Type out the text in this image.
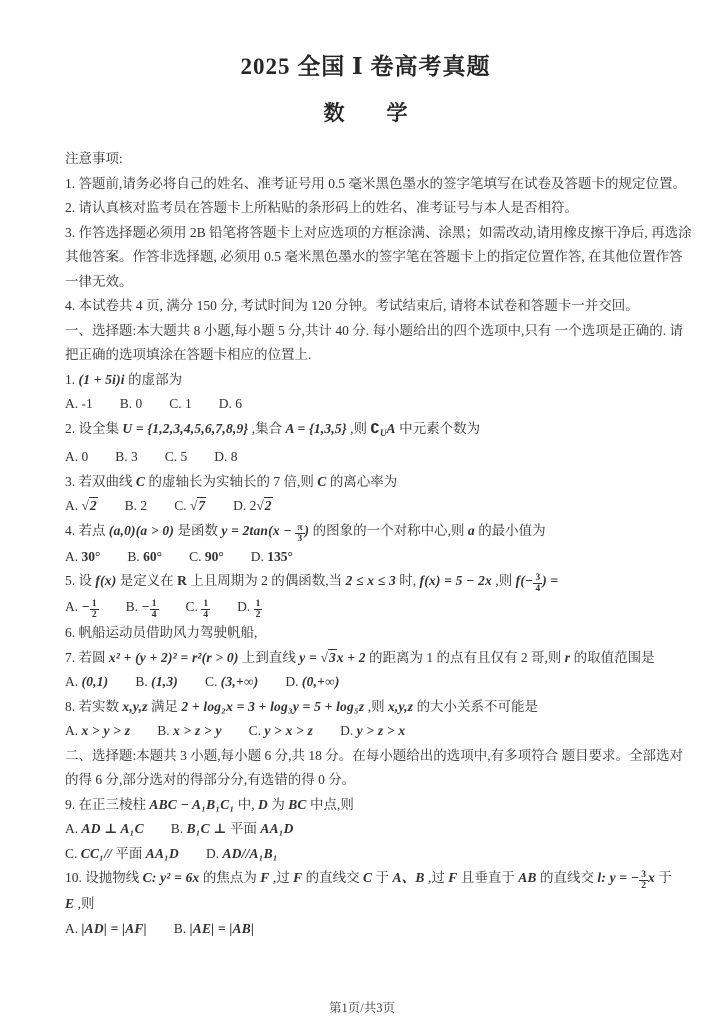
2025 全国 Ⅰ 卷高考真题
数　　学
注意事项:
1. 答题前,请务必将自己的姓名、准考证号用 0.5 毫米黑色墨水的签字笔填写在试卷及答题卡的规定位置。
2. 请认真核对监考员在答题卡上所粘贴的条形码上的姓名、准考证号与本人是否相符。
3. 作答选择题必须用 2B 铅笔将答题卡上对应选项的方框涂满、涂黑；如需改动,请用橡皮擦干净后, 再选涂
其他答案。作答非选择题, 必须用 0.5 毫米黑色墨水的签字笔在答题卡上的指定位置作答, 在其他位置作答
一律无效。
4. 本试卷共 4 页, 满分 150 分, 考试时间为 120 分钟。考试结束后, 请将本试卷和答题卡一并交回。
一、选择题:本大题共 8 小题,每小题 5 分,共计 40 分. 每小题给出的四个选项中,只有 一个选项是正确的. 请
把正确的选项填涂在答题卡相应的位置上.
1. (1 + 5i)i 的虚部为
A. -1 B. 0 C. 1 D. 6
2. 设全集 U = {1,2,3,4,5,6,7,8,9} ,集合 A = {1,3,5} ,则 $∁_UA$ 中元素个数为
A. 0 B. 3 C. 5 D. 8
3. 若双曲线 C 的虚轴长为实轴长的 7 倍,则 C 的离心率为
A. √2 B. 2 C. √7 D. 2√2
4. 若点 (a,0)(a > 0) 是函数 $y = 2\tan(x - \frac{\pi}{3}$ ) 的图象的一个对称中心,则 a 的最小值为
A. 30° B. 60° C. 90° D. 135°
5. 设 f(x) 是定义在 R 上且周期为 2 的偶函数,当 2 ≤ x ≤ 3 时, f(x) = 5 − 2x ,则 $f(- \frac{3}{4}$ ) =
A. − $\frac{1}{2} B$. − $\frac{1}{4} C$. $\frac{1}{4} D$. $\frac{1}{2}$
6. 帆船运动员借助风力驾驶帆船,
7. 若圆 x² + (y + 2)² = r²(r > 0) 上到直线 y = √3x + 2 的距离为 1 的点有且仅有 2 哥,则 r 的取值范围是
A. (0,1) B. (1,3) C. (3,+∞) D. (0,+∞)
8. 若实数 x,y,z 满足 2 + log₂x = 3 + log₃y = 5 + log₅z ,则 x,y,z 的大小关系不可能是
A. x > y > z B. x > z > y C. y > x > z D. y > z > x
二、选择题:本题共 3 小题,每小题 6 分,共 18 分。在每小题给出的选项中,有多项符合 题目要求。全部选对
的得 6 分,部分选对的得部分分,有选错的得 0 分。
9. 在正三棱柱 ABC − A₁B₁C₁ 中, D 为 BC 中点,则
A. AD ⊥ A₁C B. B₁C ⊥ 平面 AA₁D
C. CC₁// 平面 AA₁D D. AD//A₁B₁
10. 设抛物线 C: y² = 6x 的焦点为 F ,过 F 的直线交 C 于 A、B ,过 F 且垂直于 AB 的直线交 l: y = − $\frac{3}{2}$ x 于
E ,则
A. |AD| = |AF| B. |AE| = |AB|
第1页/共3页
